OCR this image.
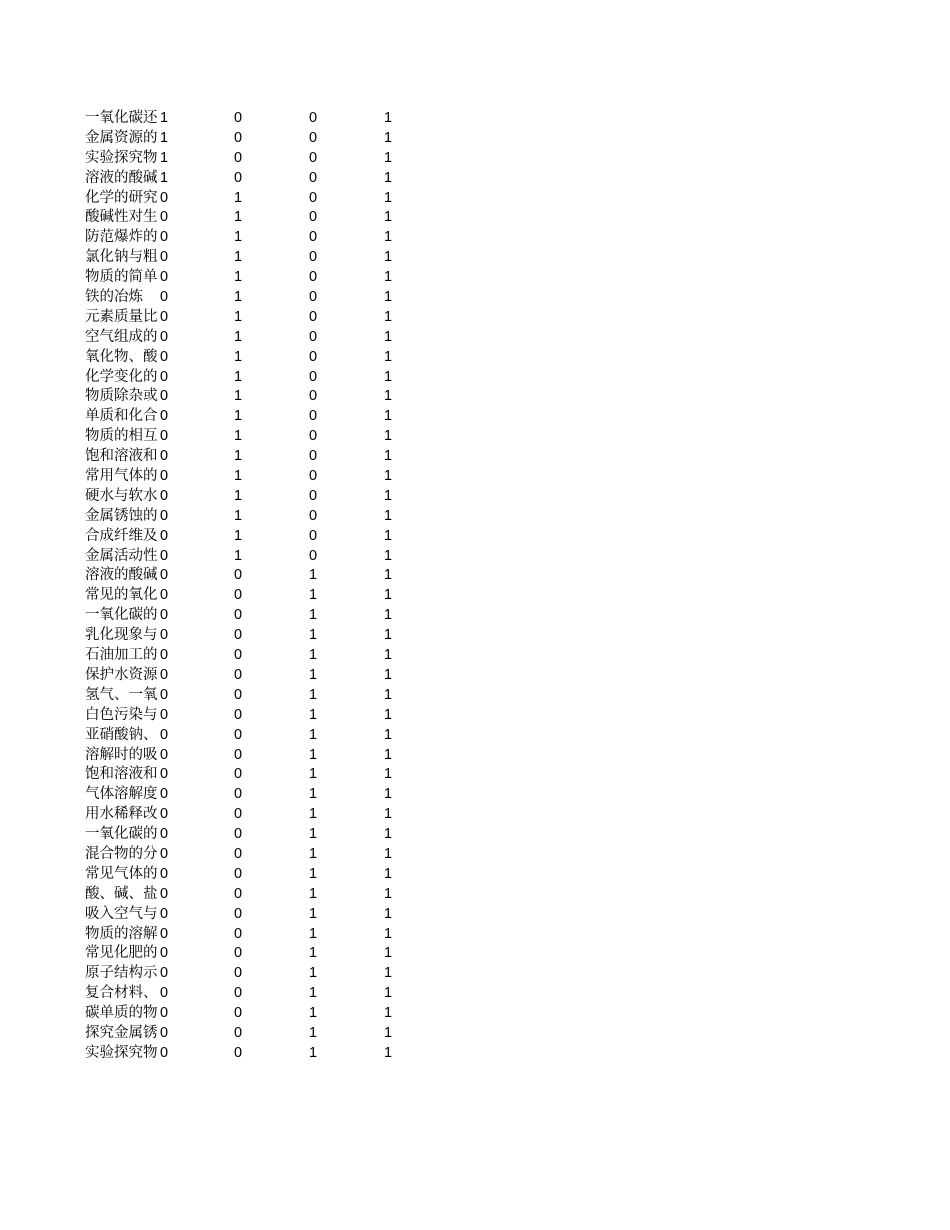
一氧化碳还 1	0	0	1
金属资源的 1	0	0	1
实验探究物 1	0	0	1
溶液的酸碱 1	0	0	1
化学的研究 0	1	0	1
酸碱性对生 0	1	0	1
防范爆炸的 0	1	0	1
氯化钠与粗 0	1	0	1
物质的简单 0	1	0	1
铁的冶炼	0	1	0	1
元素质量比 0	1	0	1
空气组成的 0	1	0	1
氧化物、酸 0	1	0	1
化学变化的 0	1	0	1
物质除杂或 0	1	0	1
单质和化合 0	1	0	1
物质的相互 0	1	0	1
饱和溶液和 0	1	0	1
常用气体的 0	1	0	1
硬水与软水 0	1	0	1
金属锈蚀的 0	1	0	1
合成纤维及 0	1	0	1
金属活动性 0	1	0	1
溶液的酸碱 0	0	1	1
常见的氧化 0	0	1	1
一氧化碳的 0	0	1	1
乳化现象与 0	0	1	1
石油加工的 0	0	1	1
保护水资源 0	0	1	1
氢气、一氧 0	0	1	1
白色污染与 0	0	1	1
亚硝酸钠、 0	0	1	1
溶解时的吸 0	0	1	1
饱和溶液和 0	0	1	1
气体溶解度 0	0	1	1
用水稀释改 0	0	1	1
一氧化碳的 0	0	1	1
混合物的分 0	0	1	1
常见气体的 0	0	1	1
酸、碱、盐 0	0	1	1
吸入空气与 0	0	1	1
物质的溶解 0	0	1	1
常见化肥的 0	0	1	1
原子结构示 0	0	1	1
复合材料、 0	0	1	1
碳单质的物 0	0	1	1
探究金属锈 0	0	1	1
实验探究物 0	0	1	1
